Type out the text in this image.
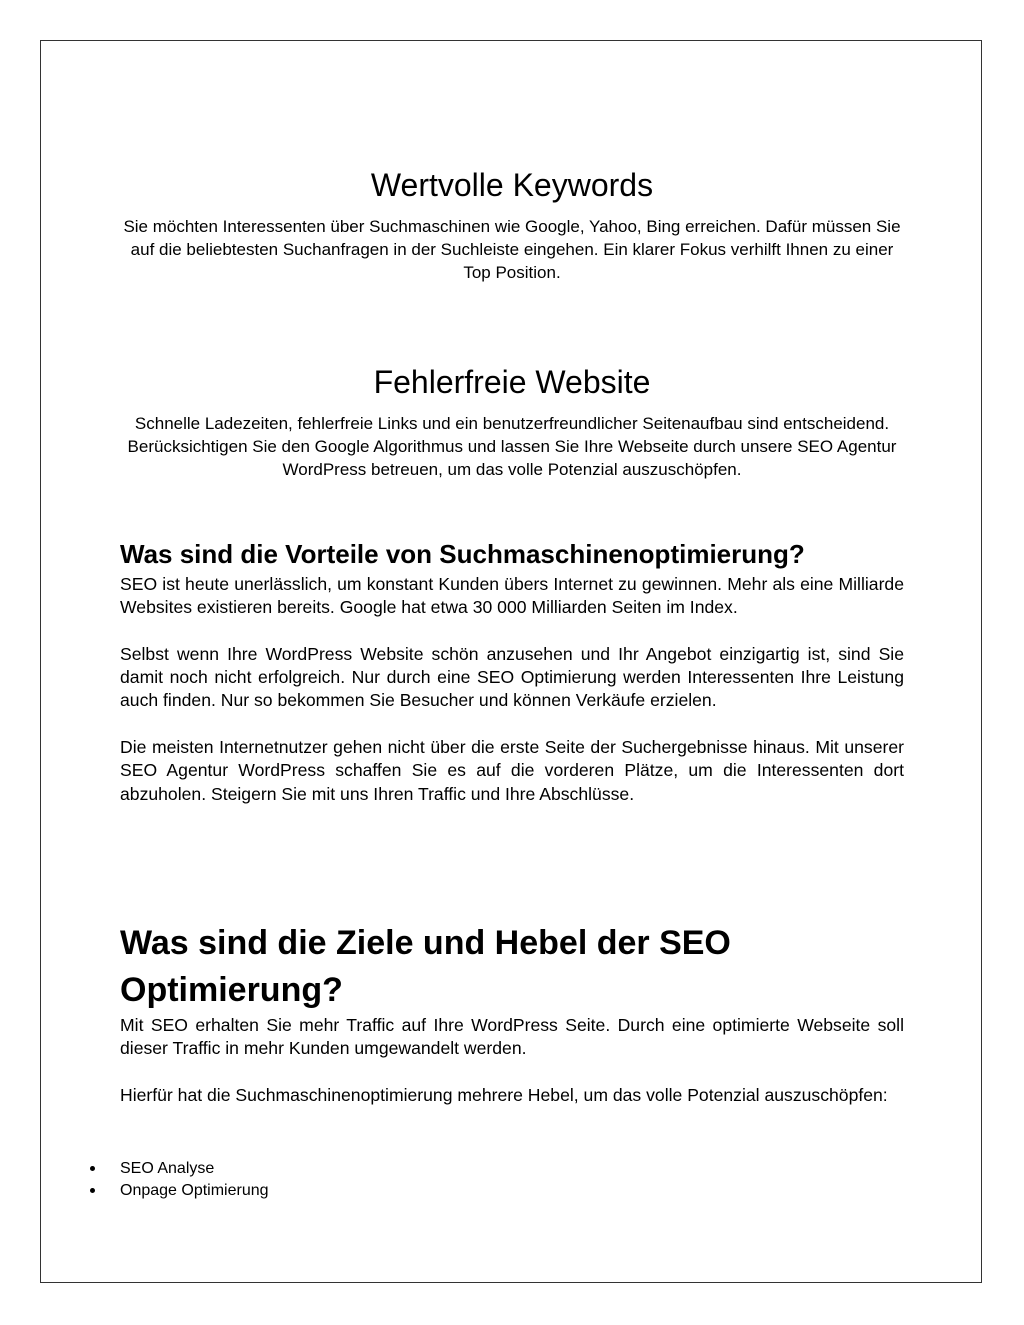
Wertvolle Keywords

Sie möchten Interessenten über Suchmaschinen wie Google, Yahoo, Bing erreichen. Dafür müssen Sie auf die beliebtesten Suchanfragen in der Suchleiste eingehen. Ein klarer Fokus verhilft Ihnen zu einer Top Position.

Fehlerfreie Website

Schnelle Ladezeiten, fehlerfreie Links und ein benutzerfreundlicher Seitenaufbau sind entscheidend. Berücksichtigen Sie den Google Algorithmus und lassen Sie Ihre Webseite durch unsere SEO Agentur WordPress betreuen, um das volle Potenzial auszuschöpfen.

Was sind die Vorteile von Suchmaschinenoptimierung?

SEO ist heute unerlässlich, um konstant Kunden übers Internet zu gewinnen. Mehr als eine Milliarde Websites existieren bereits. Google hat etwa 30 000 Milliarden Seiten im Index.

Selbst wenn Ihre WordPress Website schön anzusehen und Ihr Angebot einzigartig ist, sind Sie damit noch nicht erfolgreich. Nur durch eine SEO Optimierung werden Interessenten Ihre Leistung auch finden. Nur so bekommen Sie Besucher und können Verkäufe erzielen.

Die meisten Internetnutzer gehen nicht über die erste Seite der Suchergebnisse hinaus. Mit unserer SEO Agentur WordPress schaffen Sie es auf die vorderen Plätze, um die Interessenten dort abzuholen. Steigern Sie mit uns Ihren Traffic und Ihre Abschlüsse.

Was sind die Ziele und Hebel der SEO Optimierung?

Mit SEO erhalten Sie mehr Traffic auf Ihre WordPress Seite. Durch eine optimierte Webseite soll dieser Traffic in mehr Kunden umgewandelt werden.

Hierfür hat die Suchmaschinenoptimierung mehrere Hebel, um das volle Potenzial auszuschöpfen:

SEO Analyse
Onpage Optimierung
